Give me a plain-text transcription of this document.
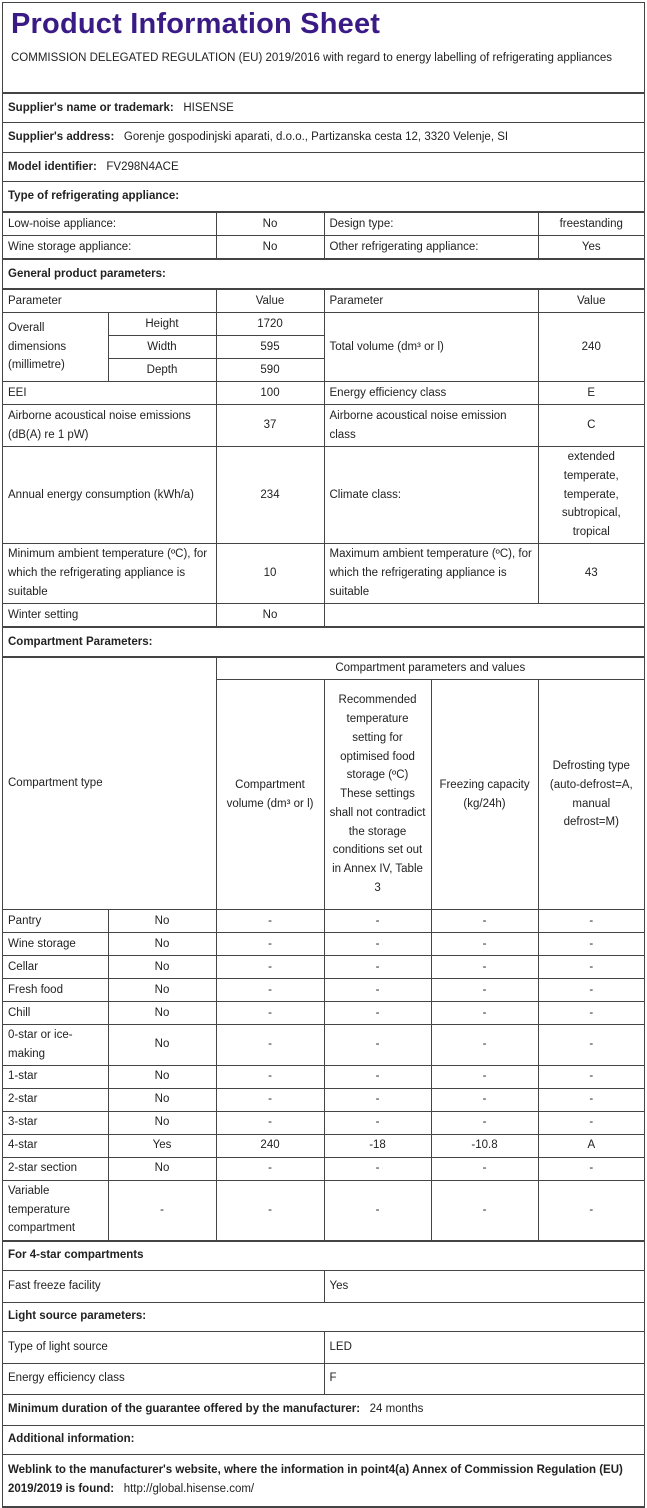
Product Information Sheet
COMMISSION DELEGATED REGULATION (EU) 2019/2016 with regard to energy labelling of refrigerating appliances
Supplier's name or trademark: HISENSE
Supplier's address: Gorenje gospodinjski aparati, d.o.o., Partizanska cesta 12, 3320 Velenje, SI
Model identifier: FV298N4ACE
Type of refrigerating appliance:
Low-noise appliance:	No	Design type:	freestanding
Wine storage appliance:	No	Other refrigerating appliance:	Yes
General product parameters:
Parameter		Value	Parameter	Value
Overall dimensions (millimetre)	Height	1720	Total volume (dm³ or l)	240
	Width	595		
	Depth	590		
EEI		100	Energy efficiency class	E
Airborne acoustical noise emissions (dB(A) re 1 pW)		37	Airborne acoustical noise emission class	C
Annual energy consumption (kWh/a)		234	Climate class:	extended temperate, temperate, subtropical, tropical
Minimum ambient temperature (ºC), for which the refrigerating appliance is suitable		10	Maximum ambient temperature (ºC), for which the refrigerating appliance is suitable	43
Winter setting		No		
Compartment Parameters:
Compartment type		Compartment parameters and values			
		Compartment volume (dm³ or l)	Recommended temperature setting for optimised food storage (ºC) These settings shall not contradict the storage conditions set out in Annex IV, Table 3	Freezing capacity (kg/24h)	Defrosting type (auto-defrost=A, manual defrost=M)
Pantry	No	-	-	-	-
Wine storage	No	-	-	-	-
Cellar	No	-	-	-	-
Fresh food	No	-	-	-	-
Chill	No	-	-	-	-
0-star or ice-making	No	-	-	-	-
1-star	No	-	-	-	-
2-star	No	-	-	-	-
3-star	No	-	-	-	-
4-star	Yes	240	-18	-10.8	A
2-star section	No	-	-	-	-
Variable temperature compartment	-	-	-	-	-
For 4-star compartments	
Fast freeze facility	Yes
Light source parameters:	
Type of light source	LED
Energy efficiency class	F
Minimum duration of the guarantee offered by the manufacturer: 24 months	
Additional information:	
Weblink to the manufacturer's website, where the information in point4(a) Annex of Commission Regulation (EU) 2019/2019 is found: http://global.hisense.com/	
